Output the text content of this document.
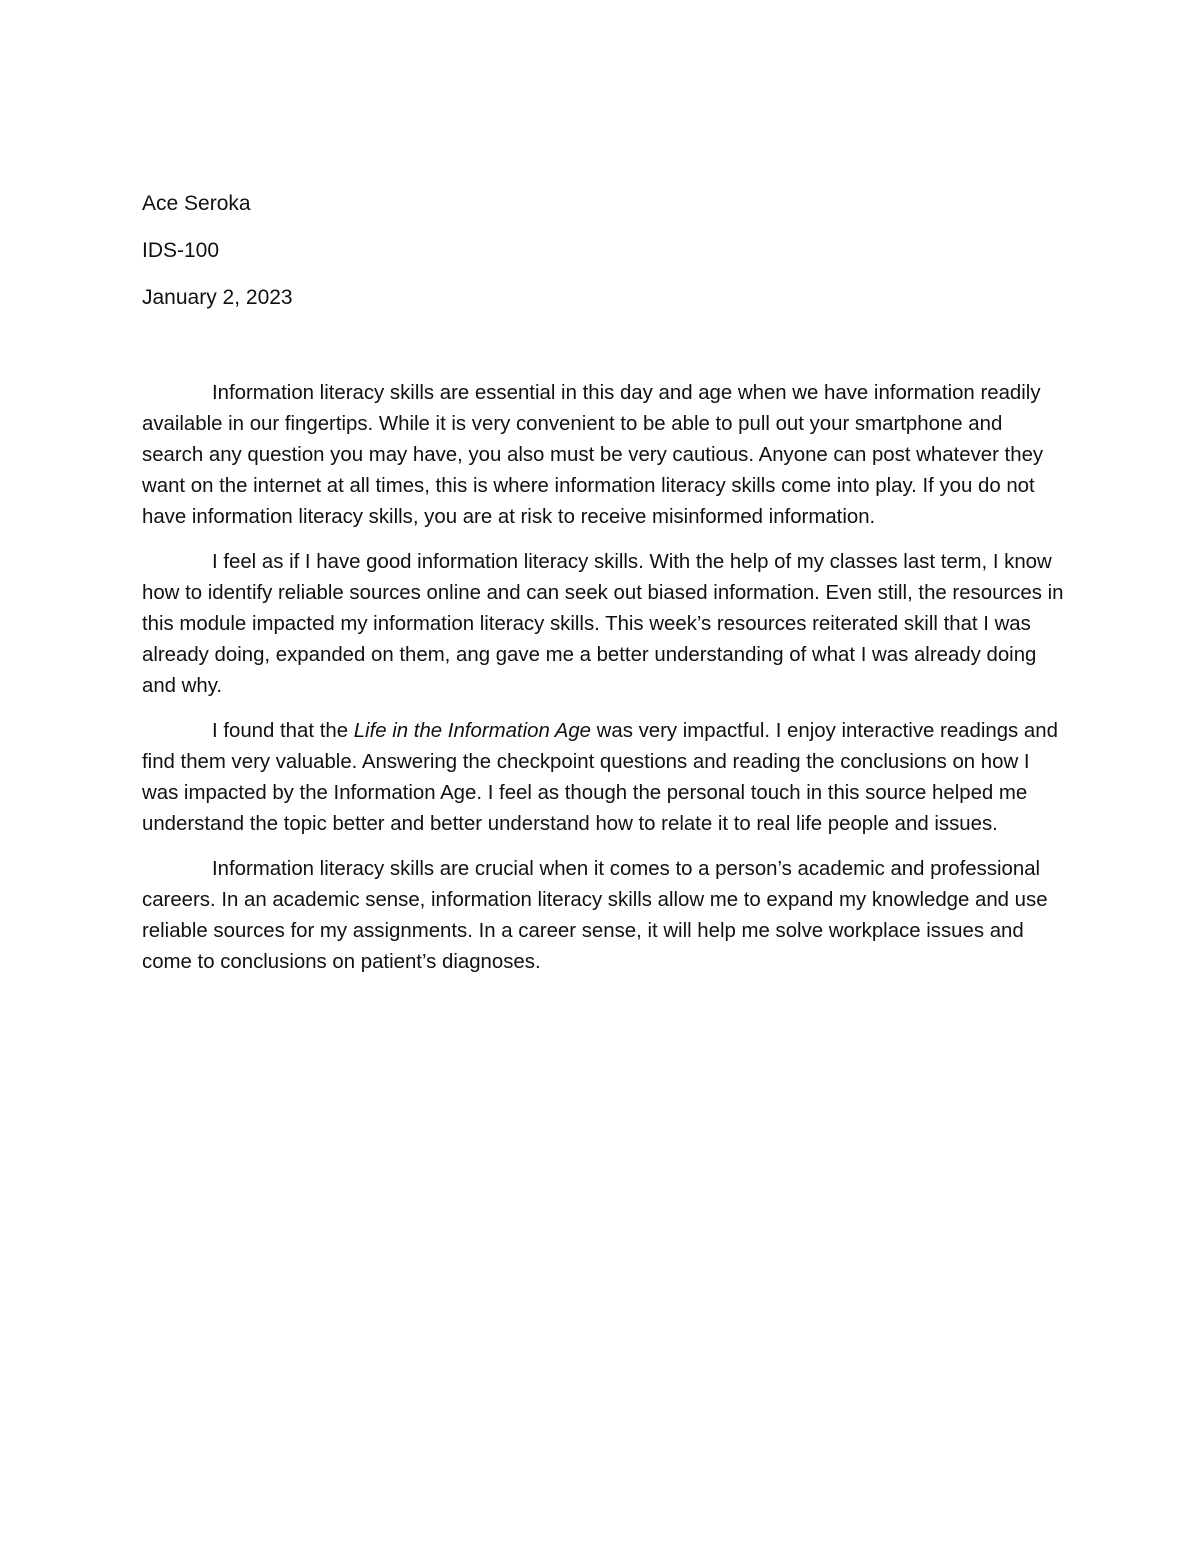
Ace Seroka
IDS-100
January 2, 2023

Information literacy skills are essential in this day and age when we have information readily available in our fingertips. While it is very convenient to be able to pull out your smartphone and search any question you may have, you also must be very cautious. Anyone can post whatever they want on the internet at all times, this is where information literacy skills come into play. If you do not have information literacy skills, you are at risk to receive misinformed information.

I feel as if I have good information literacy skills. With the help of my classes last term, I know how to identify reliable sources online and can seek out biased information. Even still, the resources in this module impacted my information literacy skills. This week’s resources reiterated skill that I was already doing, expanded on them, ang gave me a better understanding of what I was already doing and why.

I found that the Life in the Information Age was very impactful. I enjoy interactive readings and find them very valuable. Answering the checkpoint questions and reading the conclusions on how I was impacted by the Information Age. I feel as though the personal touch in this source helped me understand the topic better and better understand how to relate it to real life people and issues.

Information literacy skills are crucial when it comes to a person’s academic and professional careers. In an academic sense, information literacy skills allow me to expand my knowledge and use reliable sources for my assignments. In a career sense, it will help me solve workplace issues and come to conclusions on patient’s diagnoses.
